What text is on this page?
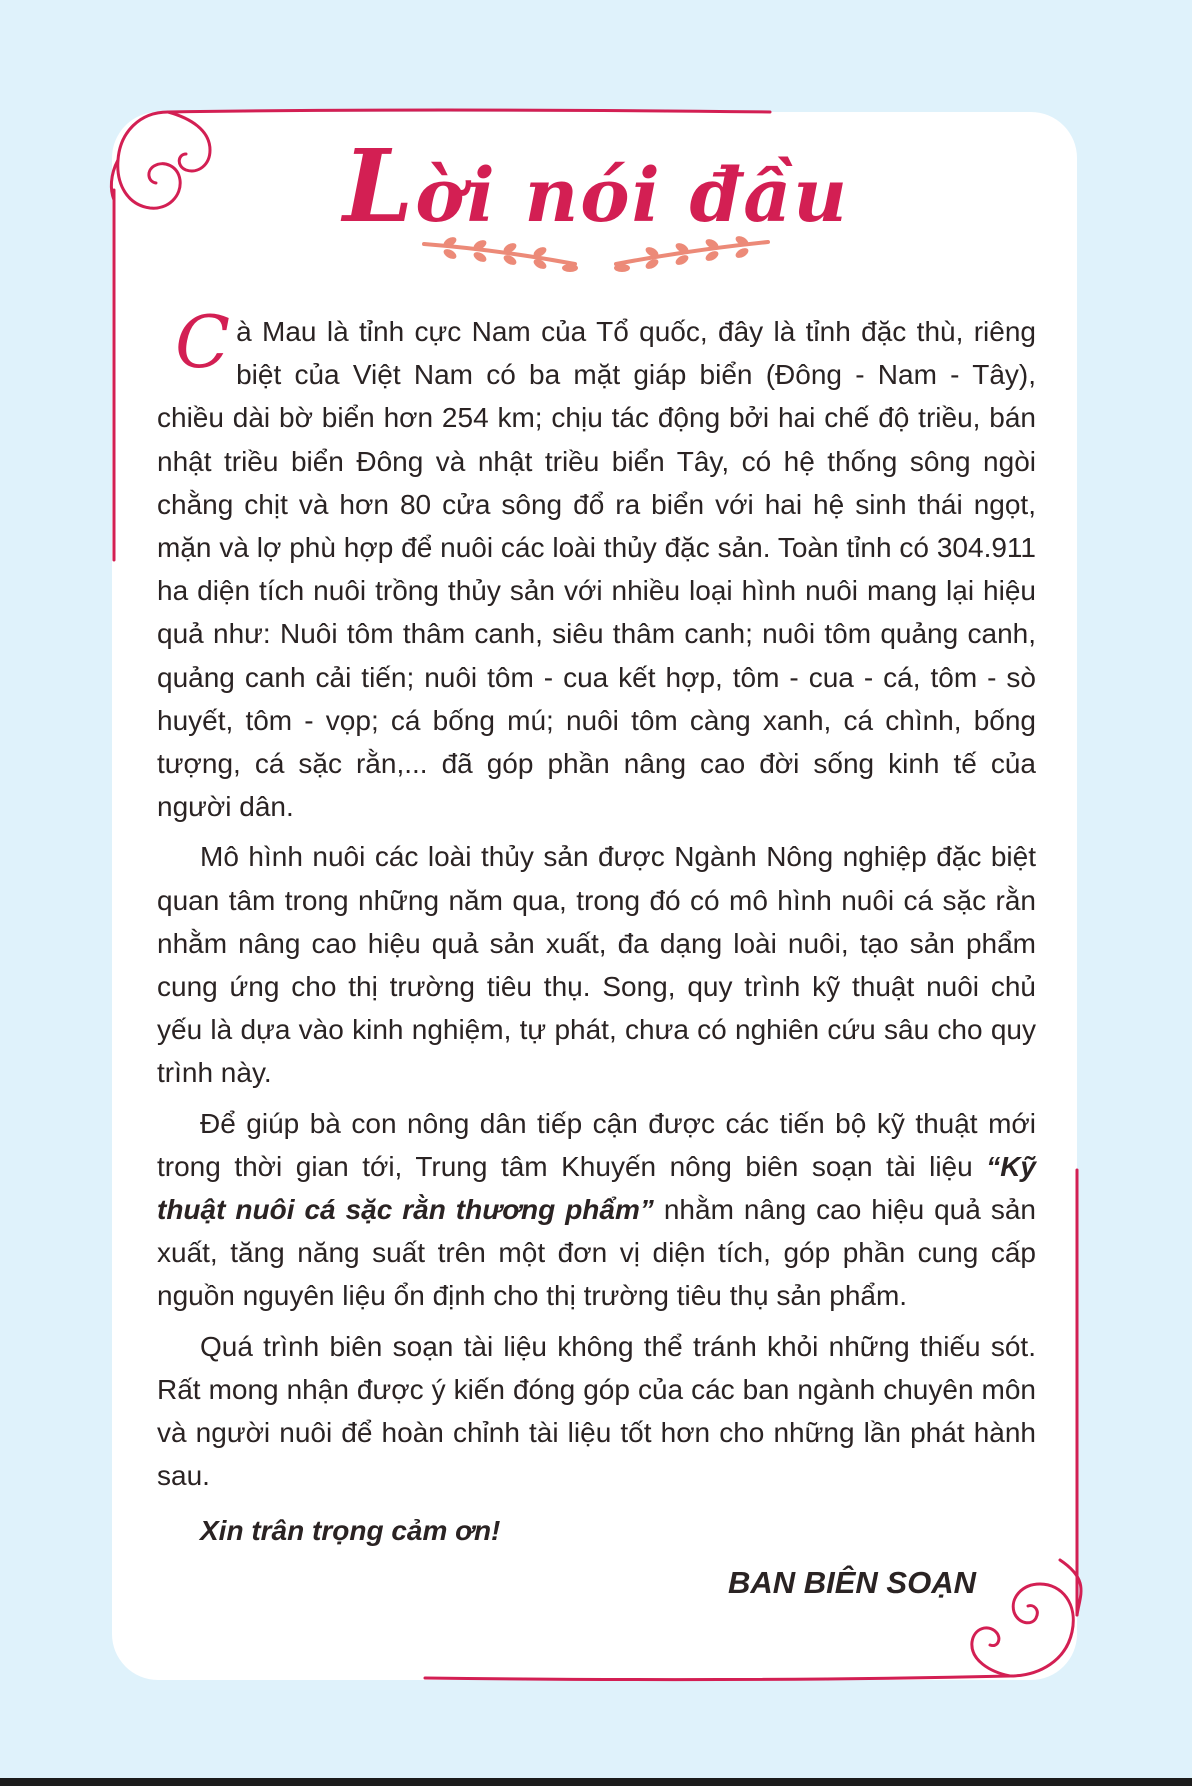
Lời nói đầu

Cà Mau là tỉnh cực Nam của Tổ quốc, đây là tỉnh đặc thù, riêng biệt của Việt Nam có ba mặt giáp biển (Đông - Nam - Tây), chiều dài bờ biển hơn 254 km; chịu tác động bởi hai chế độ triều, bán nhật triều biển Đông và nhật triều biển Tây, có hệ thống sông ngòi chằng chịt và hơn 80 cửa sông đổ ra biển với hai hệ sinh thái ngọt, mặn và lợ phù hợp để nuôi các loài thủy đặc sản. Toàn tỉnh có 304.911 ha diện tích nuôi trồng thủy sản với nhiều loại hình nuôi mang lại hiệu quả như: Nuôi tôm thâm canh, siêu thâm canh; nuôi tôm quảng canh, quảng canh cải tiến; nuôi tôm - cua kết hợp, tôm - cua - cá, tôm - sò huyết, tôm - vọp; cá bống mú; nuôi tôm càng xanh, cá chình, bống tượng, cá sặc rằn,... đã góp phần nâng cao đời sống kinh tế của người dân.

Mô hình nuôi các loài thủy sản được Ngành Nông nghiệp đặc biệt quan tâm trong những năm qua, trong đó có mô hình nuôi cá sặc rằn nhằm nâng cao hiệu quả sản xuất, đa dạng loài nuôi, tạo sản phẩm cung ứng cho thị trường tiêu thụ. Song, quy trình kỹ thuật nuôi chủ yếu là dựa vào kinh nghiệm, tự phát, chưa có nghiên cứu sâu cho quy trình này.

Để giúp bà con nông dân tiếp cận được các tiến bộ kỹ thuật mới trong thời gian tới, Trung tâm Khuyến nông biên soạn tài liệu “Kỹ thuật nuôi cá sặc rằn thương phẩm” nhằm nâng cao hiệu quả sản xuất, tăng năng suất trên một đơn vị diện tích, góp phần cung cấp nguồn nguyên liệu ổn định cho thị trường tiêu thụ sản phẩm.

Quá trình biên soạn tài liệu không thể tránh khỏi những thiếu sót. Rất mong nhận được ý kiến đóng góp của các ban ngành chuyên môn và người nuôi để hoàn chỉnh tài liệu tốt hơn cho những lần phát hành sau.

Xin trân trọng cảm ơn!

BAN BIÊN SOẠN
